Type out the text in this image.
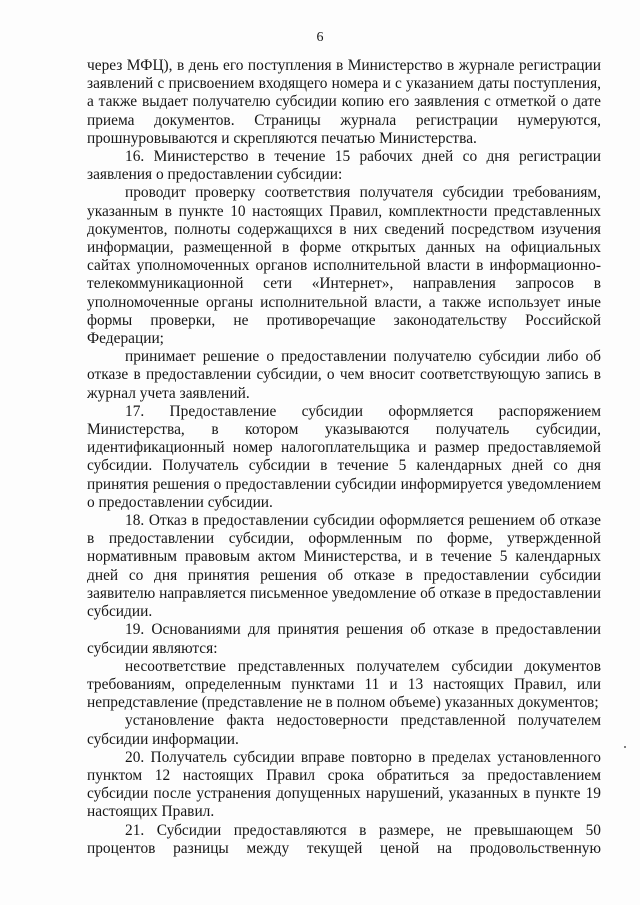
6

через МФЦ), в день его поступления в Министерство в журнале регистрации заявлений с присвоением входящего номера и с указанием даты поступления, а также выдает получателю субсидии копию его заявления с отметкой о дате приема документов. Страницы журнала регистрации нумеруются, прошнуровываются и скрепляются печатью Министерства.

16. Министерство в течение 15 рабочих дней со дня регистрации заявления о предоставлении субсидии:

проводит проверку соответствия получателя субсидии требованиям, указанным в пункте 10 настоящих Правил, комплектности представленных документов, полноты содержащихся в них сведений посредством изучения информации, размещенной в форме открытых данных на официальных сайтах уполномоченных органов исполнительной власти в информационно-телекоммуникационной сети «Интернет», направления запросов в уполномоченные органы исполнительной власти, а также использует иные формы проверки, не противоречащие законодательству Российской Федерации;

принимает решение о предоставлении получателю субсидии либо об отказе в предоставлении субсидии, о чем вносит соответствующую запись в журнал учета заявлений.

17. Предоставление субсидии оформляется распоряжением Министерства, в котором указываются получатель субсидии, идентификационный номер налогоплательщика и размер предоставляемой субсидии. Получатель субсидии в течение 5 календарных дней со дня принятия решения о предоставлении субсидии информируется уведомлением о предоставлении субсидии.

18. Отказ в предоставлении субсидии оформляется решением об отказе в предоставлении субсидии, оформленным по форме, утвержденной нормативным правовым актом Министерства, и в течение 5 календарных дней со дня принятия решения об отказе в предоставлении субсидии заявителю направляется письменное уведомление об отказе в предоставлении субсидии.

19. Основаниями для принятия решения об отказе в предоставлении субсидии являются:

несоответствие представленных получателем субсидии документов требованиям, определенным пунктами 11 и 13 настоящих Правил, или непредставление (представление не в полном объеме) указанных документов;

установление факта недостоверности представленной получателем субсидии информации.

20. Получатель субсидии вправе повторно в пределах установленного пунктом 12 настоящих Правил срока обратиться за предоставлением субсидии после устранения допущенных нарушений, указанных в пункте 19 настоящих Правил.

21. Субсидии предоставляются в размере, не превышающем 50 процентов разницы между текущей ценой на продовольственную
